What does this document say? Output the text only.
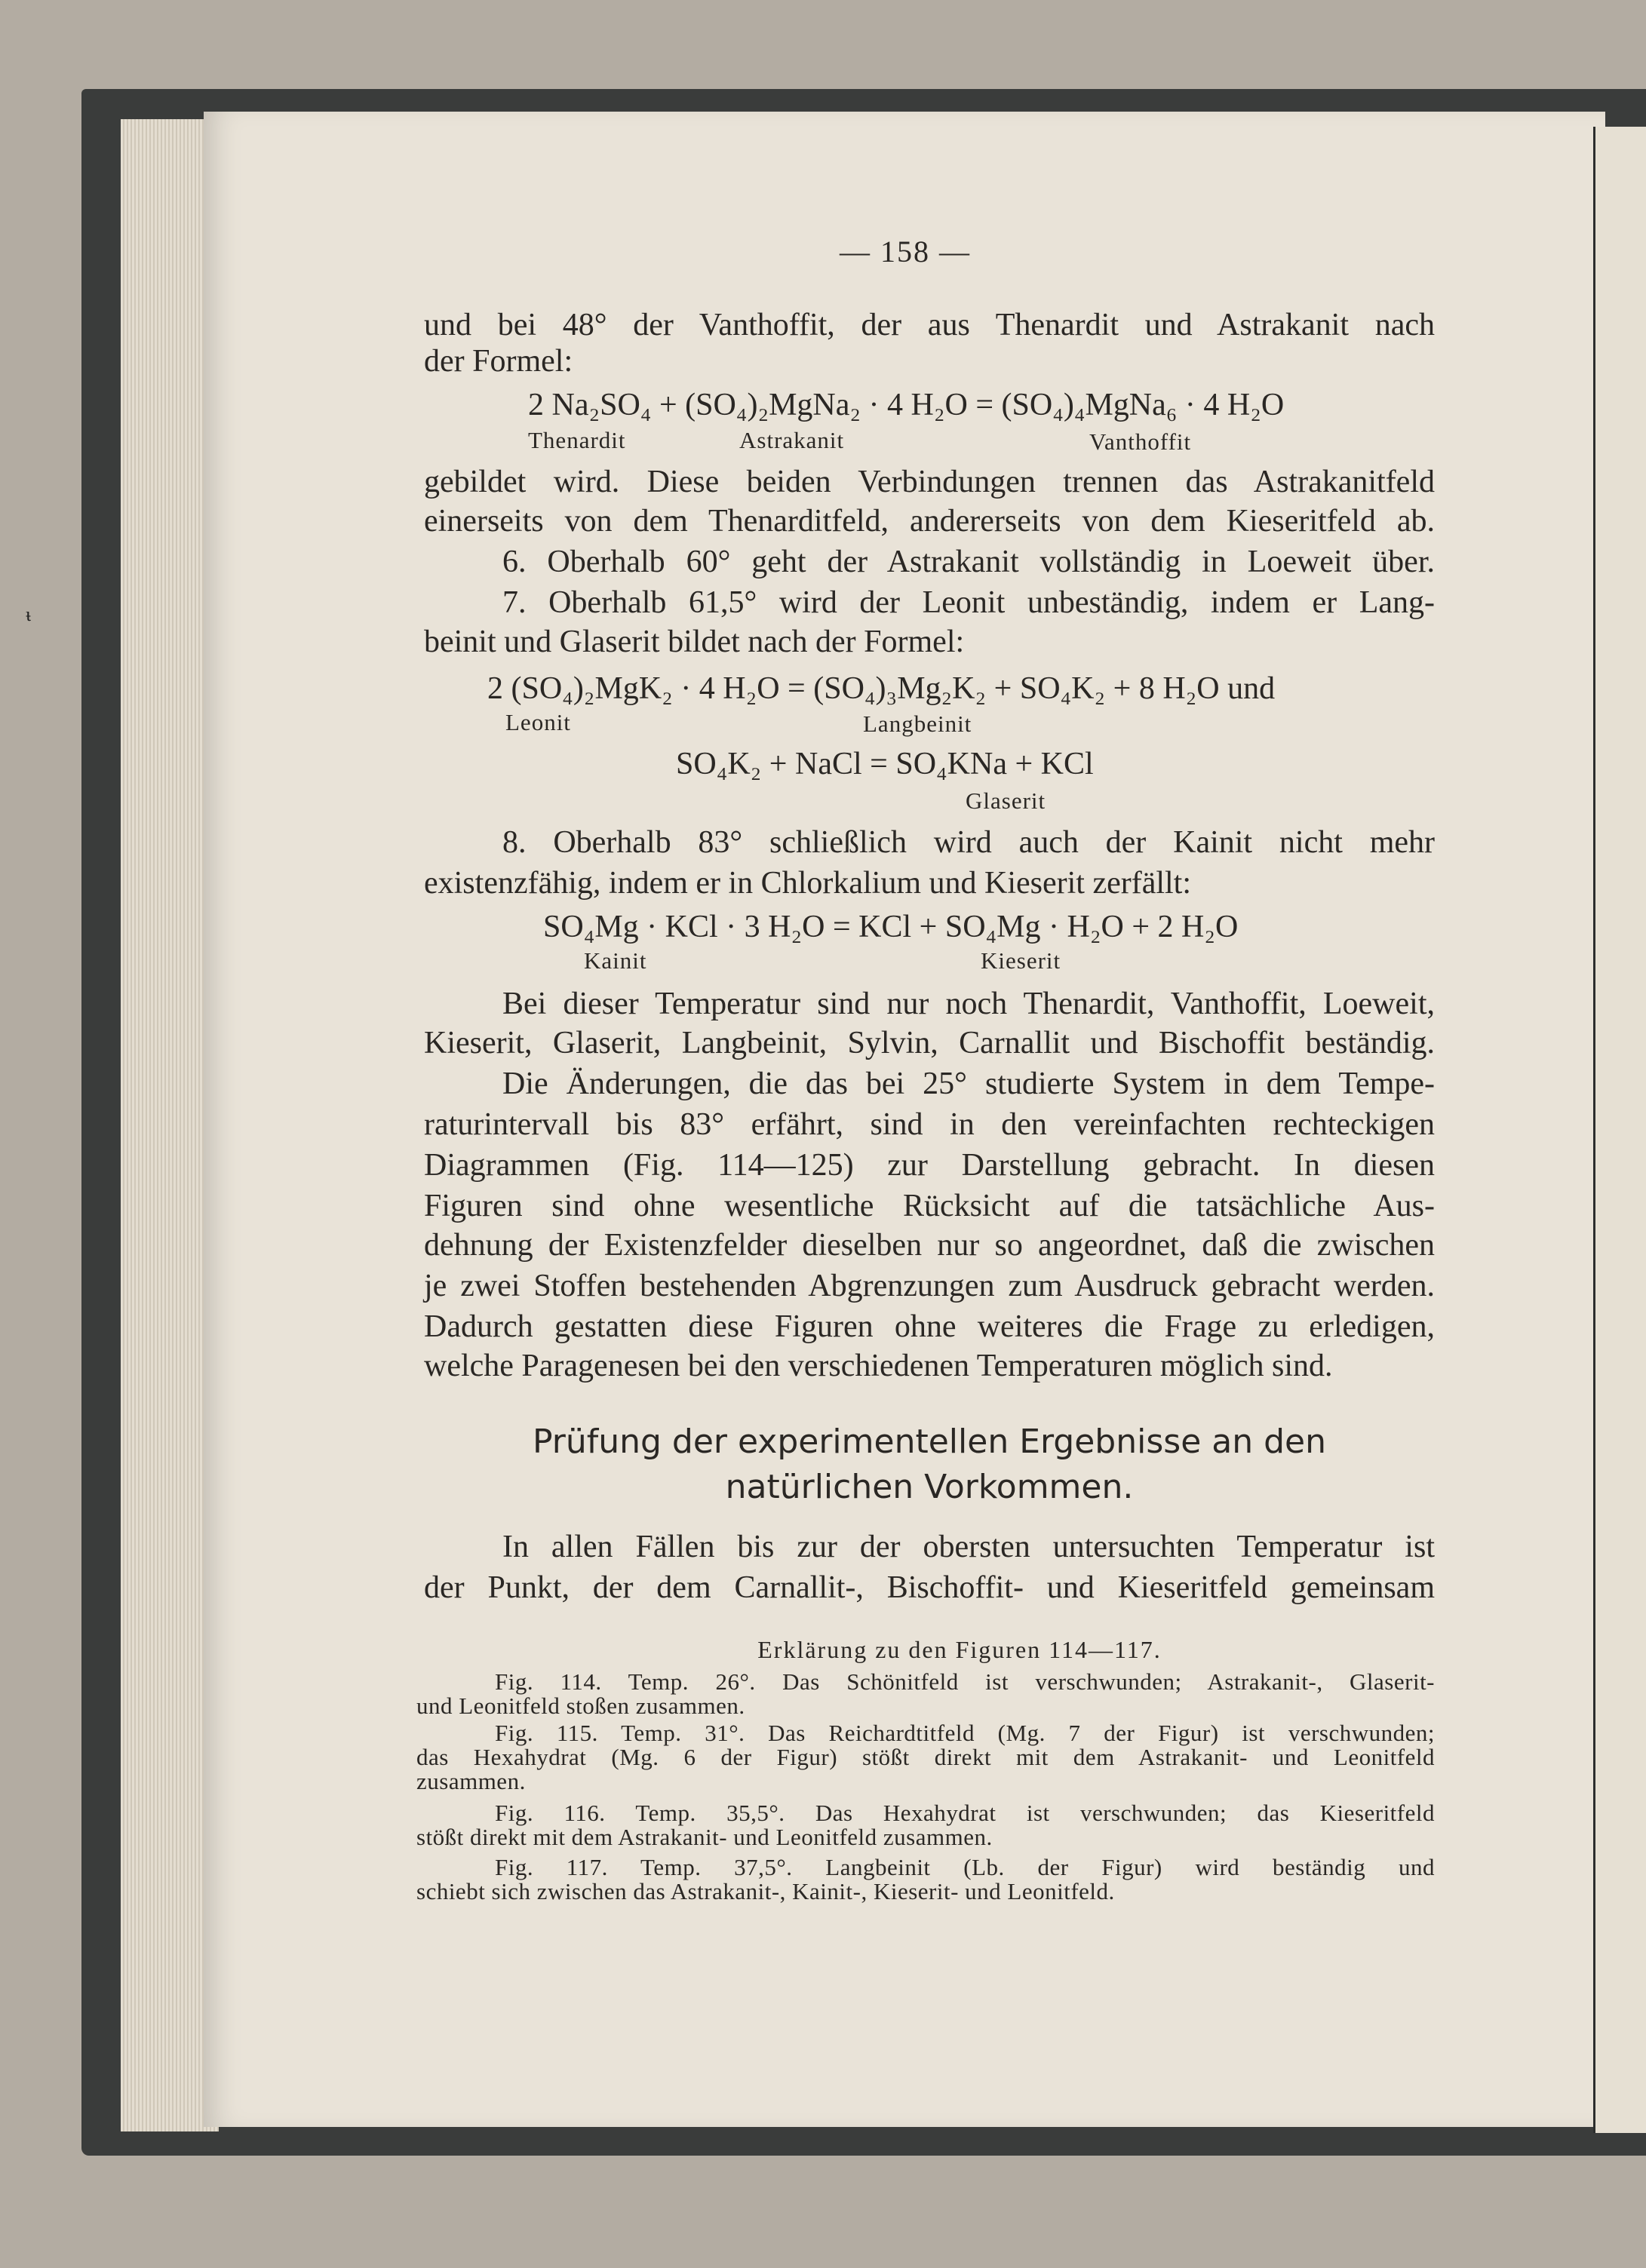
ᵼ
— 158 —
und bei 48° der Vanthoffit, der aus Thenardit und Astrakanit nach
der Formel:
2 Na₂SO₄ + (SO₄)₂MgNa₂ · 4 H₂O = (SO₄)₄MgNa₆ · 4 H₂O
Thenardit	Astrakanit	Vanthoffit
gebildet wird. Diese beiden Verbindungen trennen das Astrakanitfeld
einerseits von dem Thenarditfeld, andererseits von dem Kieseritfeld ab.
6. Oberhalb 60° geht der Astrakanit vollständig in Loeweit über.
7. Oberhalb 61,5° wird der Leonit unbeständig, indem er Lang-
beinit und Glaserit bildet nach der Formel:
2 (SO₄)₂MgK₂ · 4 H₂O = (SO₄)₃Mg₂K₂ + SO₄K₂ + 8 H₂O und
Leonit	Langbeinit
SO₄K₂ + NaCl = SO₄KNa + KCl
Glaserit
8. Oberhalb 83° schließlich wird auch der Kainit nicht mehr
existenzfähig, indem er in Chlorkalium und Kieserit zerfällt:
SO₄Mg · KCl · 3 H₂O = KCl + SO₄Mg · H₂O + 2 H₂O
Kainit	Kieserit
Bei dieser Temperatur sind nur noch Thenardit, Vanthoffit, Loeweit,
Kieserit, Glaserit, Langbeinit, Sylvin, Carnallit und Bischoffit beständig.
Die Änderungen, die das bei 25° studierte System in dem Tempe-
raturintervall bis 83° erfährt, sind in den vereinfachten rechteckigen
Diagrammen (Fig. 114—125) zur Darstellung gebracht. In diesen
Figuren sind ohne wesentliche Rücksicht auf die tatsächliche Aus-
dehnung der Existenzfelder dieselben nur so angeordnet, daß die zwischen
je zwei Stoffen bestehenden Abgrenzungen zum Ausdruck gebracht werden.
Dadurch gestatten diese Figuren ohne weiteres die Frage zu erledigen,
welche Paragenesen bei den verschiedenen Temperaturen möglich sind.
Prüfung der experimentellen Ergebnisse an den
natürlichen Vorkommen.
In allen Fällen bis zur der obersten untersuchten Temperatur ist
der Punkt, der dem Carnallit-, Bischoffit- und Kieseritfeld gemeinsam
Erklärung zu den Figuren 114—117.
Fig. 114. Temp. 26°. Das Schönitfeld ist verschwunden; Astrakanit-, Glaserit-
und Leonitfeld stoßen zusammen.
Fig. 115. Temp. 31°. Das Reichardtitfeld (Mg. 7 der Figur) ist verschwunden;
das Hexahydrat (Mg. 6 der Figur) stößt direkt mit dem Astrakanit- und Leonitfeld
zusammen.
Fig. 116. Temp. 35,5°. Das Hexahydrat ist verschwunden; das Kieseritfeld
stößt direkt mit dem Astrakanit- und Leonitfeld zusammen.
Fig. 117. Temp. 37,5°. Langbeinit (Lb. der Figur) wird beständig und
schiebt sich zwischen das Astrakanit-, Kainit-, Kieserit- und Leonitfeld.
